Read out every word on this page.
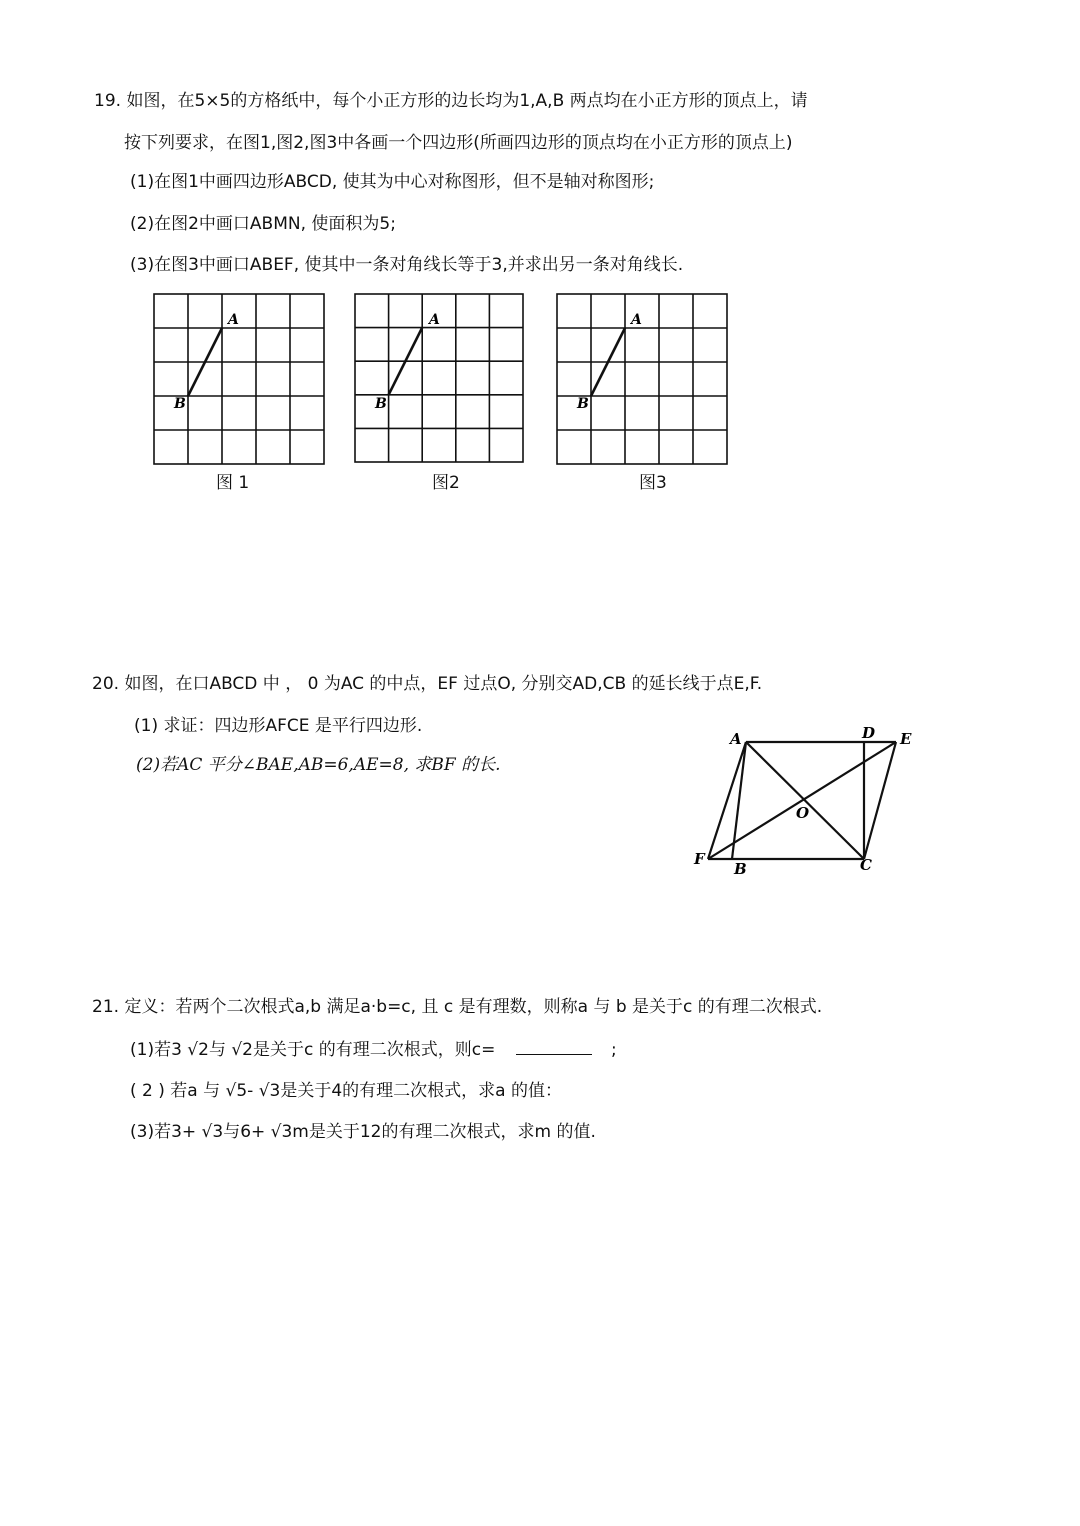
19. 如图，在5×5的方格纸中，每个小正方形的边长均为1,A,B 两点均在小正方形的顶点上，请
按下列要求，在图1,图2,图3中各画一个四边形(所画四边形的顶点均在小正方形的顶点上)
(1)在图1中画四边形ABCD, 使其为中心对称图形，但不是轴对称图形;
(2)在图2中画口ABMN, 使面积为5;
(3)在图3中画口ABEF, 使其中一条对角线长等于3,并求出另一条对角线长.
A
B
图 1
A
B
图2
A
B
图3
20. 如图，在口ABCD 中 ， 0 为AC 的中点，EF 过点O, 分别交AD,CB 的延长线于点E,F.
(1) 求证：四边形AFCE 是平行四边形.
(2)若AC 平分∠BAE,AB=6,AE=8, 求BF 的长.
A	D E
O
F
B	C
21. 定义：若两个二次根式a,b 满足a·b=c, 且 c 是有理数，则称a 与 b 是关于c 的有理二次根式.
(1)若3 √2与 √2是关于c 的有理二次根式，则c=	;
( 2 ) 若a 与 √5- √3是关于4的有理二次根式，求a 的值：
(3)若3+ √3与6+ √3m是关于12的有理二次根式，求m 的值.
